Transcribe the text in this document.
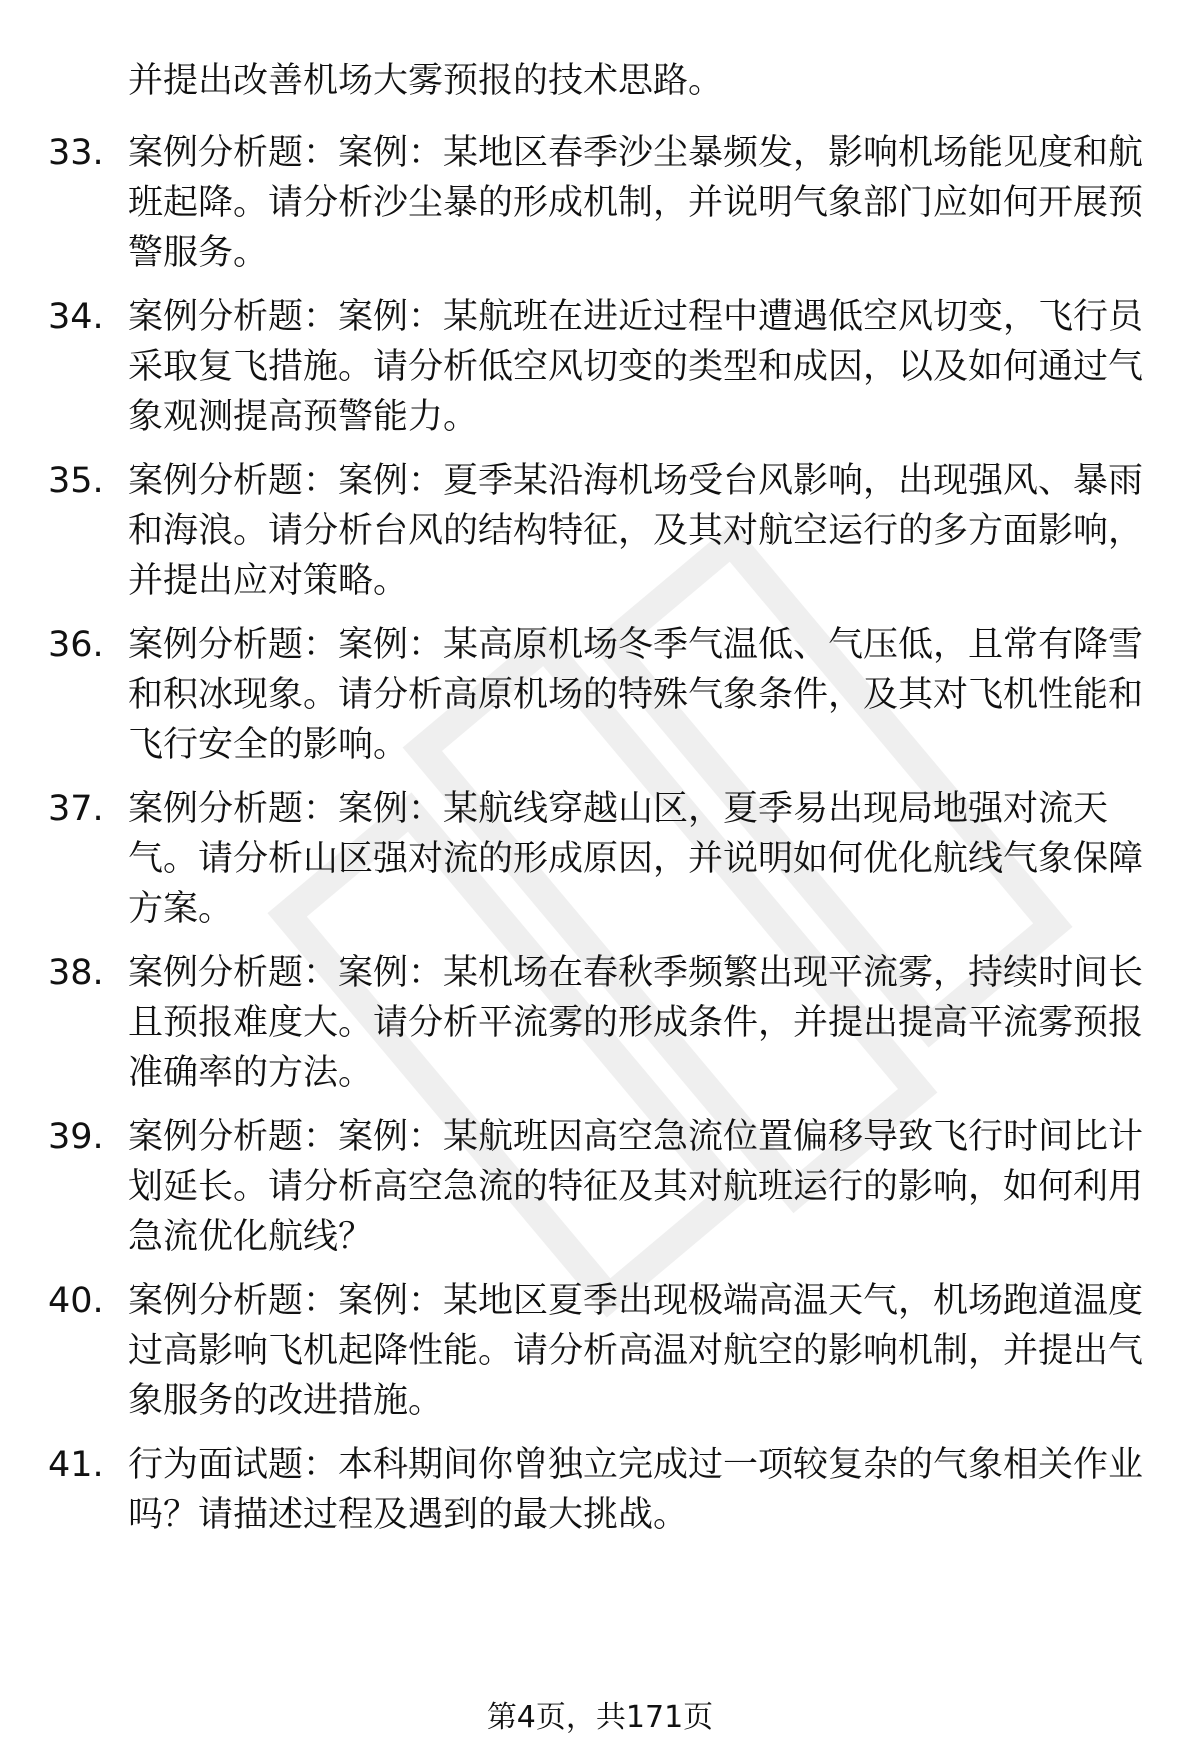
并提出改善机场大雾预报的技术思路。

33. 案例分析题：案例：某地区春季沙尘暴频发，影响机场能见度和航班起降。请分析沙尘暴的形成机制，并说明气象部门应如何开展预警服务。

34. 案例分析题：案例：某航班在进近过程中遭遇低空风切变，飞行员采取复飞措施。请分析低空风切变的类型和成因，以及如何通过气象观测提高预警能力。

35. 案例分析题：案例：夏季某沿海机场受台风影响，出现强风、暴雨和海浪。请分析台风的结构特征，及其对航空运行的多方面影响，并提出应对策略。

36. 案例分析题：案例：某高原机场冬季气温低、气压低，且常有降雪和积冰现象。请分析高原机场的特殊气象条件，及其对飞机性能和飞行安全的影响。

37. 案例分析题：案例：某航线穿越山区，夏季易出现局地强对流天气。请分析山区强对流的形成原因，并说明如何优化航线气象保障方案。

38. 案例分析题：案例：某机场在春秋季频繁出现平流雾，持续时间长且预报难度大。请分析平流雾的形成条件，并提出提高平流雾预报准确率的方法。

39. 案例分析题：案例：某航班因高空急流位置偏移导致飞行时间比计划延长。请分析高空急流的特征及其对航班运行的影响，如何利用急流优化航线？

40. 案例分析题：案例：某地区夏季出现极端高温天气，机场跑道温度过高影响飞机起降性能。请分析高温对航空的影响机制，并提出气象服务的改进措施。

41. 行为面试题：本科期间你曾独立完成过一项较复杂的气象相关作业吗？请描述过程及遇到的最大挑战。

第4页，共171页
